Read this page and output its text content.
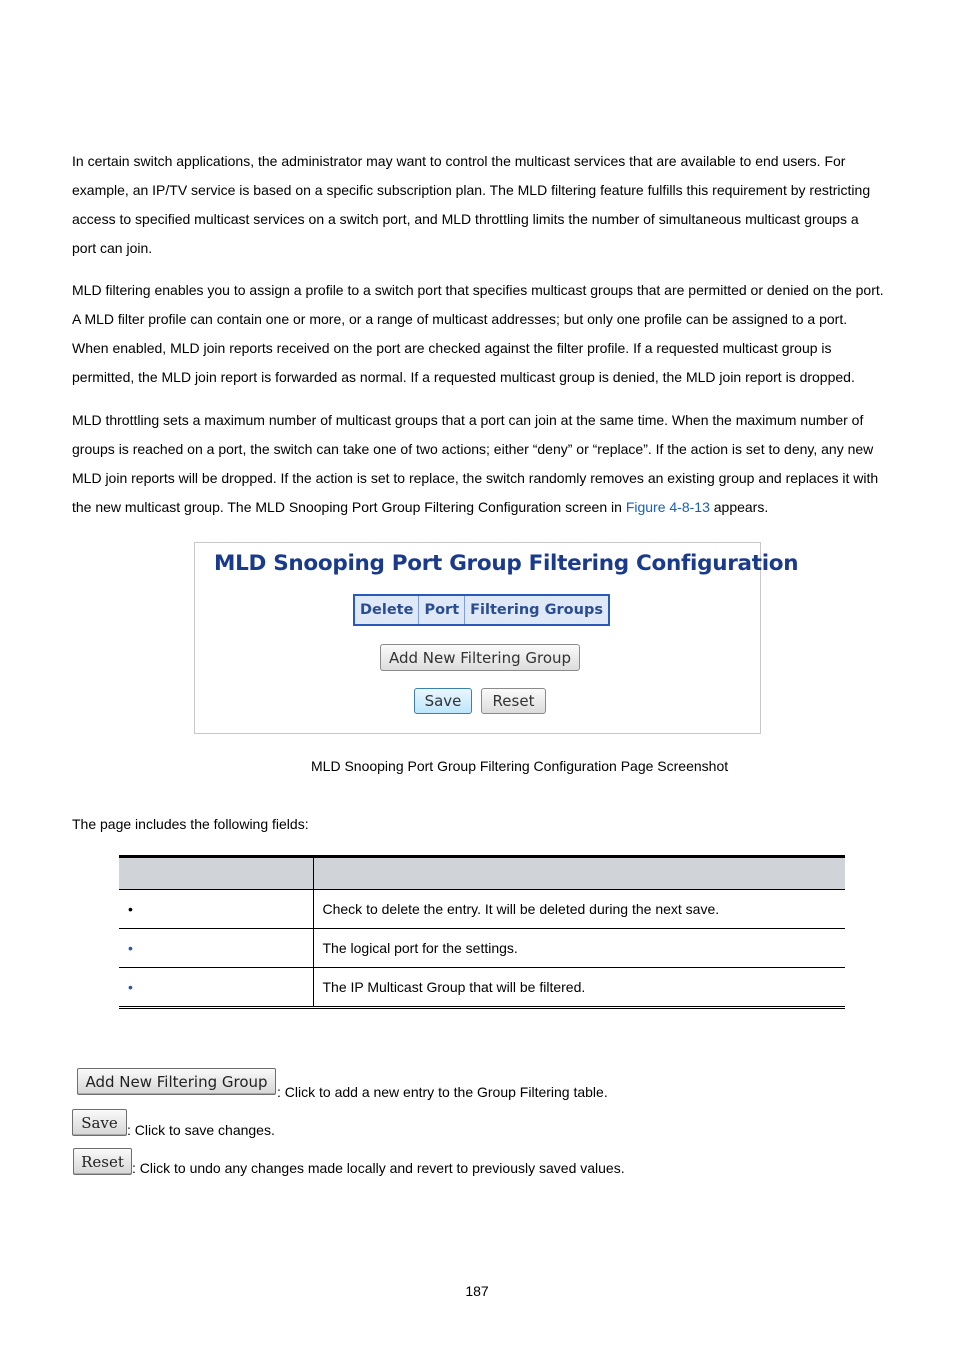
In certain switch applications, the administrator may want to control the multicast services that are available to end users. For example, an IP/TV service is based on a specific subscription plan. The MLD filtering feature fulfills this requirement by restricting access to specified multicast services on a switch port, and MLD throttling limits the number of simultaneous multicast groups a port can join.

MLD filtering enables you to assign a profile to a switch port that specifies multicast groups that are permitted or denied on the port. A MLD filter profile can contain one or more, or a range of multicast addresses; but only one profile can be assigned to a port. When enabled, MLD join reports received on the port are checked against the filter profile. If a requested multicast group is permitted, the MLD join report is forwarded as normal. If a requested multicast group is denied, the MLD join report is dropped.

MLD throttling sets a maximum number of multicast groups that a port can join at the same time. When the maximum number of groups is reached on a port, the switch can take one of two actions; either “deny” or “replace”. If the action is set to deny, any new MLD join reports will be dropped. If the action is set to replace, the switch randomly removes an existing group and replaces it with the new multicast group. The MLD Snooping Port Group Filtering Configuration screen in Figure 4-8-13 appears.

MLD Snooping Port Group Filtering Configuration
Delete Port Filtering Groups
Add New Filtering Group
Save	Reset
MLD Snooping Port Group Filtering Configuration Page Screenshot
The page includes the following fields:

•	Check to delete the entry. It will be deleted during the next save.
•	The logical port for the settings.
•	The IP Multicast Group that will be filtered.
Add New Filtering Group
: Click to add a new entry to the Group Filtering table.
Save : Click to save changes.
Reset : Click to undo any changes made locally and revert to previously saved values.
187
